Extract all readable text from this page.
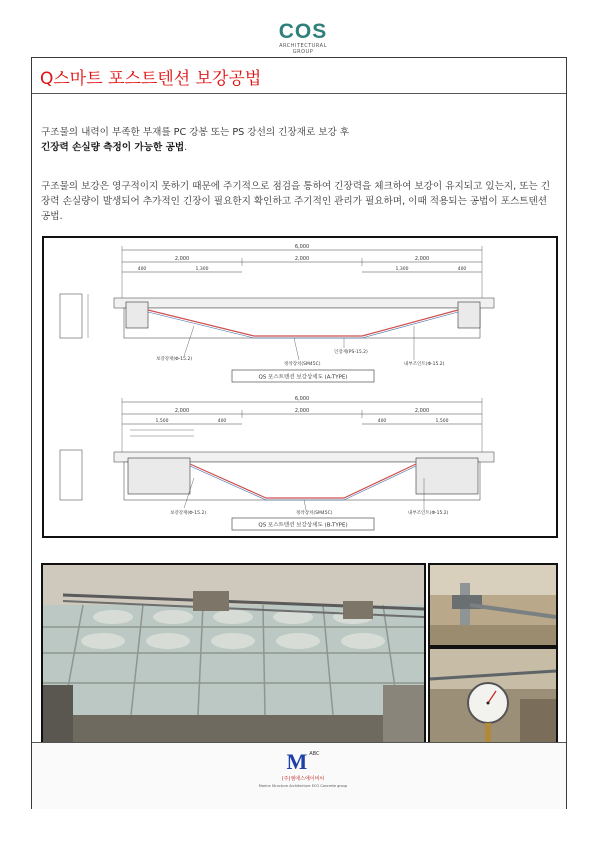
COS
ARCHITECTURAL GROUP
Q스마트 포스트텐션 보강공법
구조물의 내력이 부족한 부재를 PC 강봉 또는 PS 강선의 긴장재로 보강 후
긴장력 손실량 측정이 가능한 공법.
구조물의 보강은 영구적이지 못하기 때문에 주기적으로 점검을 통하여 긴장력을 체크하여 보강이 유지되고 있는지, 또는 긴장력 손실량이 발생되어 추가적인 긴장이 필요한지 확인하고 주기적인 관리가 필요하며, 이때 적용되는 공법이 포스트텐션 공법.
6,000
2,000	2,000	2,000
400	1,300	1,300	400
보강강재(Φ-15.2)
정착장치(SM45C)
인장재(PS-15.2)
내부조인트(Φ-15.2)
QS 포스트텐션 보강상세도 (A-TYPE)
6,000
2,000	2,000	2,000
1,500	400	400	1,500
보강강재(Φ-15.2)	정착장치(SM45C)	내부조인트(Φ-15.2)
QS 포스트텐션 보강상세도 (B-TYPE)
M $^{ABC}$
(주)엠에스에이비씨
Marine Structure Architecture ECO Concrete group
